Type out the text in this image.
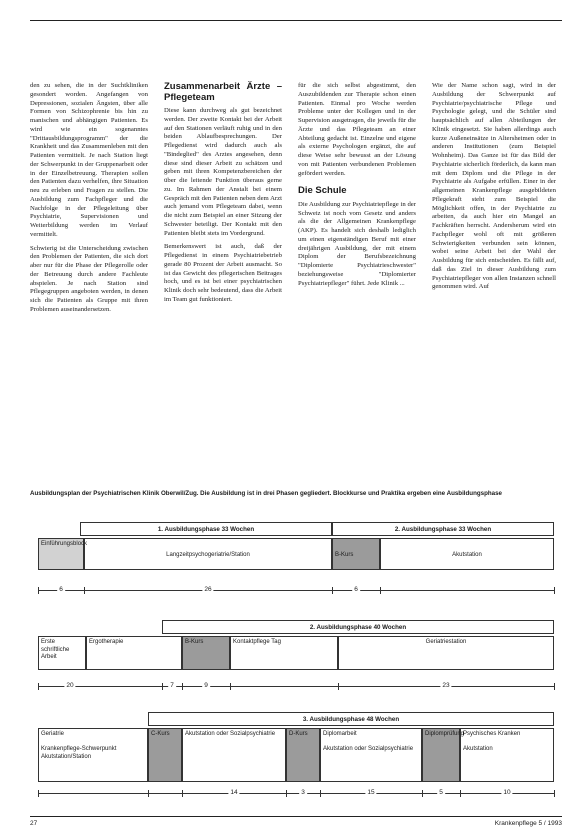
den zu sehen, die in der Suchtkliniken gesondert worden. Angefangen von Depressionen, sozialen Ängsten, über alle Formen von Schizophrenie bis hin zu manischen und abhängigen Patienten. Es wird wie ein sogenanntes "Drittausbildungsprogramm" der die Krankheit und das Zusammenleben mit den Patienten vermittelt. Je nach Station liegt der Schwerpunkt in der Gruppenarbeit oder in der Einzelbetreuung. Therapien sollen den Patienten dazu verhelfen, ihre Situation neu zu erleben und Fragen zu stellen. Die Ausbildung zum Fachpfleger und die Nachfolge in der Pflegeleitung über Psychiatrie, Supervisionen und Weiterbildung werden im Verlauf vermittelt.

Schwierig ist die Unterscheidung zwischen den Problemen der Patienten, die sich dort aber nur für die Phase der Pflegerolle oder der Betreuung durch andere Fachleute abspielen. Je nach Station sind Pflegegruppen angeboten werden, in denen sich die Patienten als Gruppe mit ihren Problemen auseinandersetzen.

Zusammenarbeit Ärzte – Pflegeteam

Diese kann durchweg als gut bezeichnet werden. Der zweite Kontakt bei der Arbeit auf den Stationen verläuft ruhig und in den beiden Ablaufbesprechungen. Der Pflegedienst wird dadurch auch als "Bindeglied" des Arztes angesehen, denn diese sind dieser Arbeit zu schätzen und geben mit ihren Kompetenzbereichen der über die leitende Funktion überaus gerne zu. Im Rahmen der Anstalt bei einem Gespräch mit den Patienten neben dem Arzt auch jemand vom Pflegeteam dabei, wenn die nicht zum Beispiel an einer Sitzung der Schwester beteiligt. Der Kontakt mit den Patienten bleibt stets im Vordergrund.

Bemerkenswert ist auch, daß der Pflegedienst in einem Psychiatriebetrieb gerade 80 Prozent der Arbeit ausmacht. So ist das Gewicht des pflegerischen Beitrages hoch, und es ist bei einer psychiatrischen Klinik doch sehr bedeutend, dass die Arbeit im Team gut funktioniert.

für die sich selbst abgestimmt, den Auszubildenden zur Therapie schon einen Patienten. Einmal pro Woche werden Probleme unter der Kollegen und in der Supervision ausgetragen, die jeweils für die Ärzte und das Pflegeteam an einer Abteilung gedacht ist. Einzelne und eigene als externe Psychologen ergänzt, die auf diese Weise sehr bewusst an der Lösung von mit Patienten verbundenen Problemen gefördert werden.

Die Schule

Die Ausbildung zur Psychiatriepflege in der Schweiz ist noch vom Gesetz und anders als die der Allgemeinen Krankenpflege (AKP). Es handelt sich deshalb lediglich um einen eigenständigen Beruf mit einer dreijährigen Ausbildung, der mit einem Diplom der Berufsbezeichnung "Diplomierte Psychiatrieschwester" beziehungsweise "Diplomierter Psychiatriepfleger" führt. Jede Klinik ...

Wie der Name schon sagt, wird in der Ausbildung der Schwerpunkt auf Psychiatrie/psychiatrische Pflege und Psychologie gelegt, und die Schüler sind hauptsächlich auf allen Abteilungen der Klinik eingesetzt. Sie haben allerdings auch kurze Außeneinsätze in Altersheimen oder in anderen Institutionen (zum Beispiel Wohnheim). Das Ganze ist für das Bild der Psychiatrie sicherlich förderlich, da kann man mit dem Diplom und die Pflege in der Psychiatrie als Aufgabe erfüllen. Einer in der allgemeinen Krankenpflege ausgebildeten Pflegekraft steht zum Beispiel die Möglichkeit offen, in der Psychiatrie zu arbeiten, da auch hier ein Mangel an Fachkräften herrscht. Andersherum wird ein Fachpfleger wohl oft mit größeren Schwierigkeiten verbunden sein können, wobei seine Arbeit bei der Wahl der Ausbildung für sich entscheiden. Es fällt auf, daß das Ziel in dieser Ausbildung zum Psychiatriepfleger von allen Instanzen schnell genommen wird. Auf

Ausbildungsplan der Psychiatrischen Klinik Oberwil/Zug. Die Ausbildung ist in drei Phasen gegliedert. Blockkurse und Praktika ergeben eine Ausbildungsphase
1. Ausbildungsphase 33 Wochen	2. Ausbildungsphase 33 Wochen
Einführungsblock
Langzeitpsychogeriatrie/Station	B-Kurs	Akutstation
6	26	6
2. Ausbildungsphase 40 Wochen
Erste schriftliche Arbeit
Ergotherapie	B-Kurs	Kontaktpflege Tag	Geriatriestation
20	7	9	23
3. Ausbildungsphase 48 Wochen
Geriatrie

Krankenpflege-Schwerpunkt Akutstation/Station
C-Kurs	Akutstation oder Sozialpsychiatrie	D-Kurs	Diplomarbeit

Akutstation oder Sozialpsychiatrie
Diplomprüfung
Psychisches Kranken

Akutstation
14	3	15	5	10
27	Krankenpflege 5 / 1993
